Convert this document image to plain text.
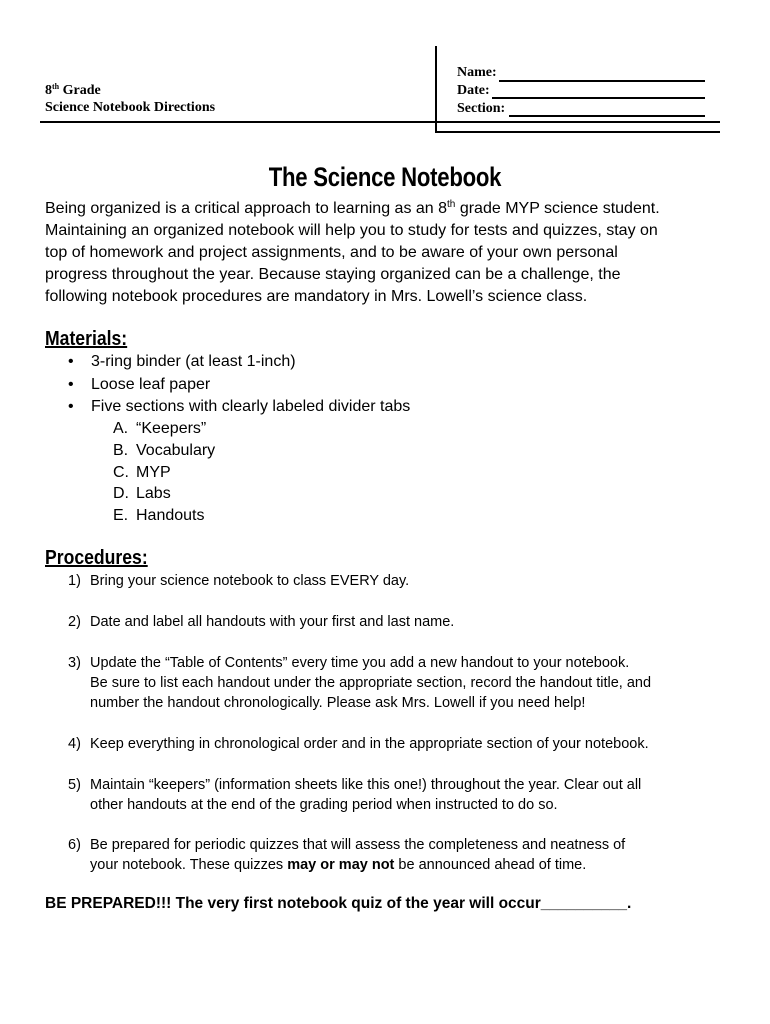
8th Grade
Science Notebook Directions
Name:
Date:
Section:
The Science Notebook

Being organized is a critical approach to learning as an 8th grade MYP science student.

Maintaining an organized notebook will help you to study for tests and quizzes, stay on

top of homework and project assignments, and to be aware of your own personal

progress throughout the year. Because staying organized can be a challenge, the

following notebook procedures are mandatory in Mrs. Lowell’s science class.

Materials:
• 3-ring binder (at least 1-inch)
• Loose leaf paper
• Five sections with clearly labeled divider tabs
A. “Keepers”
B. Vocabulary
C. MYP
D. Labs
E. Handouts
Procedures:
1) Bring your science notebook to class EVERY day.
2) Date and label all handouts with your first and last name.
3) Update the “Table of Contents” every time you add a new handout to your notebook.
Be sure to list each handout under the appropriate section, record the handout title, and
number the handout chronologically. Please ask Mrs. Lowell if you need help!
4) Keep everything in chronological order and in the appropriate section of your notebook.
5) Maintain “keepers” (information sheets like this one!) throughout the year. Clear out all
other handouts at the end of the grading period when instructed to do so.
6) Be prepared for periodic quizzes that will assess the completeness and neatness of
your notebook. These quizzes may or may not be announced ahead of time.
BE PREPARED!!! The very first notebook quiz of the year will occur__________.
